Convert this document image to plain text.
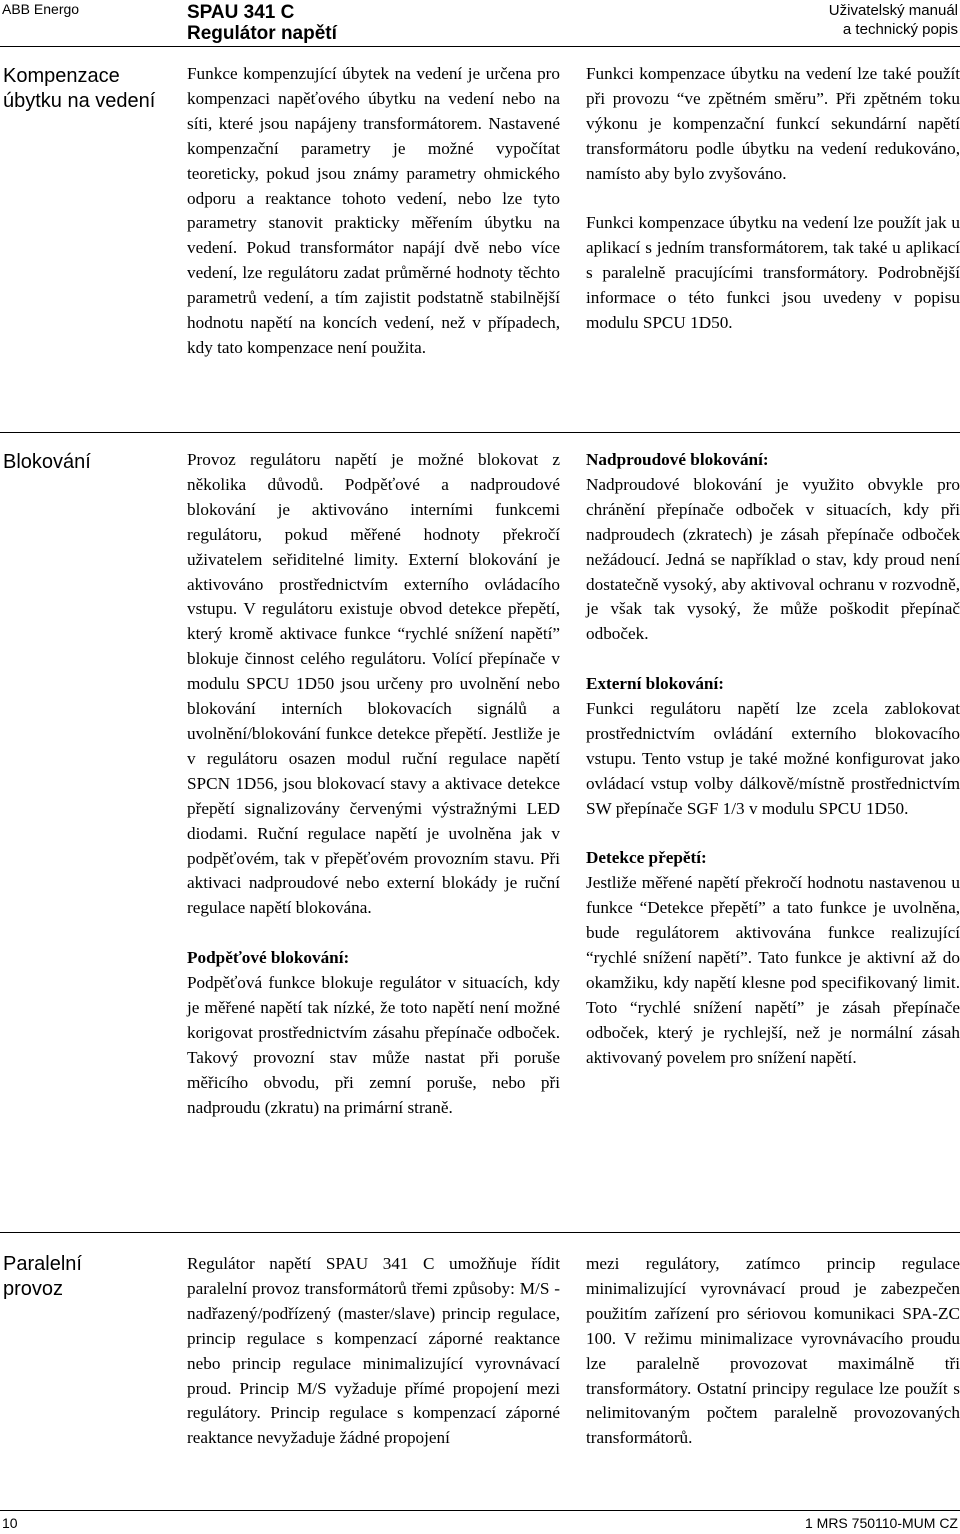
ABB Energo	SPAU 341 C
Regulátor napětí
Uživatelský manuál
a technický popis
Kompenzace úbytku na vedení

Funkce kompenzující úbytek na vedení je určena pro kompenzaci napěťového úbytku na vedení nebo na síti, které jsou napájeny transformátorem. Nastavené kompenzační parametry je možné vypočítat teoreticky, pokud jsou známy parametry ohmického odporu a reaktance tohoto vedení, nebo lze tyto parametry stanovit prakticky měřením úbytku na vedení. Pokud transformátor napájí dvě nebo více vedení, lze regulátoru zadat průměrné hodnoty těchto parametrů vedení, a tím zajistit podstatně stabilnější hodnotu napětí na koncích vedení, než v případech, kdy tato kompenzace není použita.

Funkci kompenzace úbytku na vedení lze také použít při provozu “ve zpětném směru”. Při zpětném toku výkonu je kompenzační funkcí sekundární napětí transformátoru podle úbytku na vedení redukováno, namísto aby bylo zvyšováno.

Funkci kompenzace úbytku na vedení lze použít jak u aplikací s jedním transformátorem, tak také u aplikací s paralelně pracujícími transformátory. Podrobnější informace o této funkci jsou uvedeny v popisu modulu SPCU 1D50.

Blokování	Provoz regulátoru napětí je možné blokovat z několika důvodů. Podpěťové a nadproudové blokování je aktivováno interními funkcemi regulátoru, pokud měřené hodnoty překročí uživatelem seřiditelné limity. Externí blokování je aktivováno prostřednictvím externího ovládacího vstupu. V regulátoru existuje obvod detekce přepětí, který kromě aktivace funkce “rychlé snížení napětí” blokuje činnost celého regulátoru. Volící přepínače v modulu SPCU 1D50 jsou určeny pro uvolnění nebo blokování interních blokovacích signálů a uvolnění/blokování funkce detekce přepětí. Jestliže je v regulátoru osazen modul ruční regulace napětí SPCN 1D56, jsou blokovací stavy a aktivace detekce přepětí signalizovány červenými výstražnými LED diodami. Ruční regulace napětí je uvolněna jak v podpěťovém, tak v přepěťovém provozním stavu. Při aktivaci nadproudové nebo externí blokády je ruční regulace napětí blokována.

Podpěťové blokování:

Podpěťová funkce blokuje regulátor v situacích, kdy je měřené napětí tak nízké, že toto napětí není možné korigovat prostřednictvím zásahu přepínače odboček. Takový provozní stav může nastat při poruše měřicího obvodu, při zemní poruše, nebo při nadproudu (zkratu) na primární straně.

Nadproudové blokování:

Nadproudové blokování je využito obvykle pro chránění přepínače odboček v situacích, kdy při nadproudech (zkratech) je zásah přepínače odboček nežádoucí. Jedná se například o stav, kdy proud není dostatečně vysoký, aby aktivoval ochranu v rozvodně, je však tak vysoký, že může poškodit přepínač odboček.

Externí blokování:

Funkci regulátoru napětí lze zcela zablokovat prostřednictvím ovládání externího blokovacího vstupu. Tento vstup je také možné konfigurovat jako ovládací vstup volby dálkově/místně prostřednictvím SW přepínače SGF 1/3 v modulu SPCU 1D50.

Detekce přepětí:

Jestliže měřené napětí překročí hodnotu nastavenou u funkce “Detekce přepětí” a tato funkce je uvolněna, bude regulátorem aktivována funkce realizující “rychlé snížení napětí”. Tato funkce je aktivní až do okamžiku, kdy napětí klesne pod specifikovaný limit. Toto “rychlé snížení napětí” je zásah přepínače odboček, který je rychlejší, než je normální zásah aktivovaný povelem pro snížení napětí.

Paralelní provoz

Regulátor napětí SPAU 341 C umožňuje řídit paralelní provoz transformátorů třemi způsoby: M/S - nadřazený/podřízený (master/slave) princip regulace, princip regulace s kompenzací záporné reaktance nebo princip regulace minimalizující vyrovnávací proud. Princip M/S vyžaduje přímé propojení mezi regulátory. Princip regulace s kompenzací záporné reaktance nevyžaduje žádné propojení

mezi regulátory, zatímco princip regulace minimalizující vyrovnávací proud je zabezpečen použitím zařízení pro sériovou komunikaci SPA-ZC 100. V režimu minimalizace vyrovnávacího proudu lze paralelně provozovat maximálně tři transformátory. Ostatní principy regulace lze použít s nelimitovaným počtem paralelně provozovaných transformátorů.

10	1 MRS 750110-MUM CZ
